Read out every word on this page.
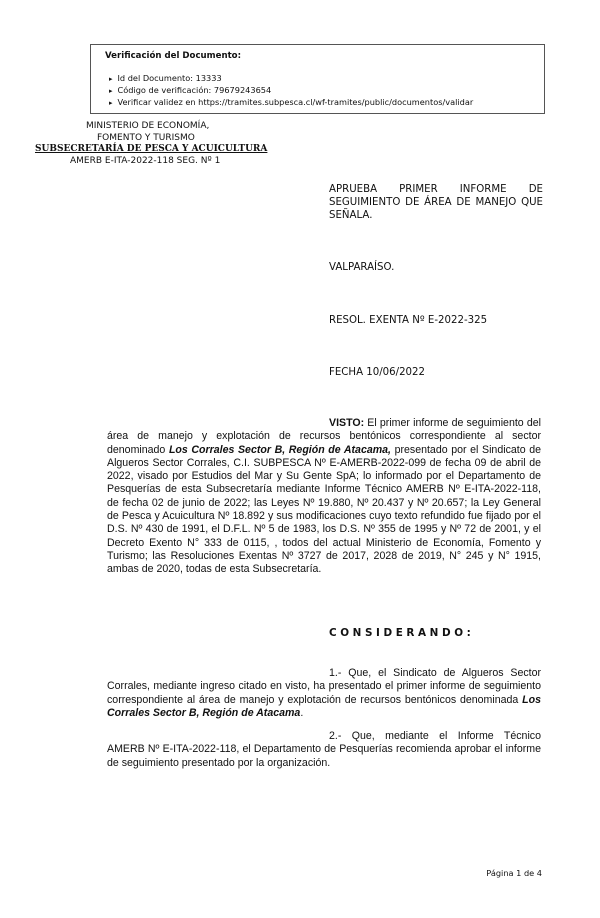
Verificación del Documento:
▸ Id del Documento: 13333
▸ Código de verificación: 79679243654
▸ Verificar validez en https://tramites.subpesca.cl/wf-tramites/public/documentos/validar
MINISTERIO DE ECONOMÍA,
FOMENTO Y TURISMO
SUBSECRETARÍA DE PESCA Y ACUICULTURA
AMERB E-ITA-2022-118 SEG. Nº 1
APRUEBA PRIMER INFORME DE SEGUIMIENTO DE ÁREA DE MANEJO QUE SEÑALA.
VALPARAÍSO.
RESOL. EXENTA Nº E-2022-325
FECHA 10/06/2022
VISTO: El primer informe de seguimiento del área de manejo y explotación de recursos bentónicos correspondiente al sector denominado Los Corrales Sector B, Región de Atacama, presentado por el Sindicato de Algueros Sector Corrales, C.I. SUBPESCA Nº E-AMERB-2022-099 de fecha 09 de abril de 2022, visado por Estudios del Mar y Su Gente SpA; lo informado por el Departamento de Pesquerías de esta Subsecretaría mediante Informe Técnico AMERB Nº E-ITA-2022-118, de fecha 02 de junio de 2022; las Leyes Nº 19.880, Nº 20.437 y Nº 20.657; la Ley General de Pesca y Acuicultura Nº 18.892 y sus modificaciones cuyo texto refundido fue fijado por el D.S. Nº 430 de 1991, el D.F.L. Nº 5 de 1983, los D.S. Nº 355 de 1995 y Nº 72 de 2001, y el Decreto Exento N° 333 de 0115, , todos del actual Ministerio de Economía, Fomento y Turismo; las Resoluciones Exentas Nº 3727 de 2017, 2028 de 2019, N° 245 y N° 1915, ambas de 2020, todas de esta Subsecretaría.
CONSIDERANDO:
1.- Que, el Sindicato de Algueros Sector Corrales, mediante ingreso citado en visto, ha presentado el primer informe de seguimiento correspondiente al área de manejo y explotación de recursos bentónicos denominada Los Corrales Sector B, Región de Atacama.
2.- Que, mediante el Informe Técnico AMERB Nº E-ITA-2022-118, el Departamento de Pesquerías recomienda aprobar el informe de seguimiento presentado por la organización.
Página 1 de 4
